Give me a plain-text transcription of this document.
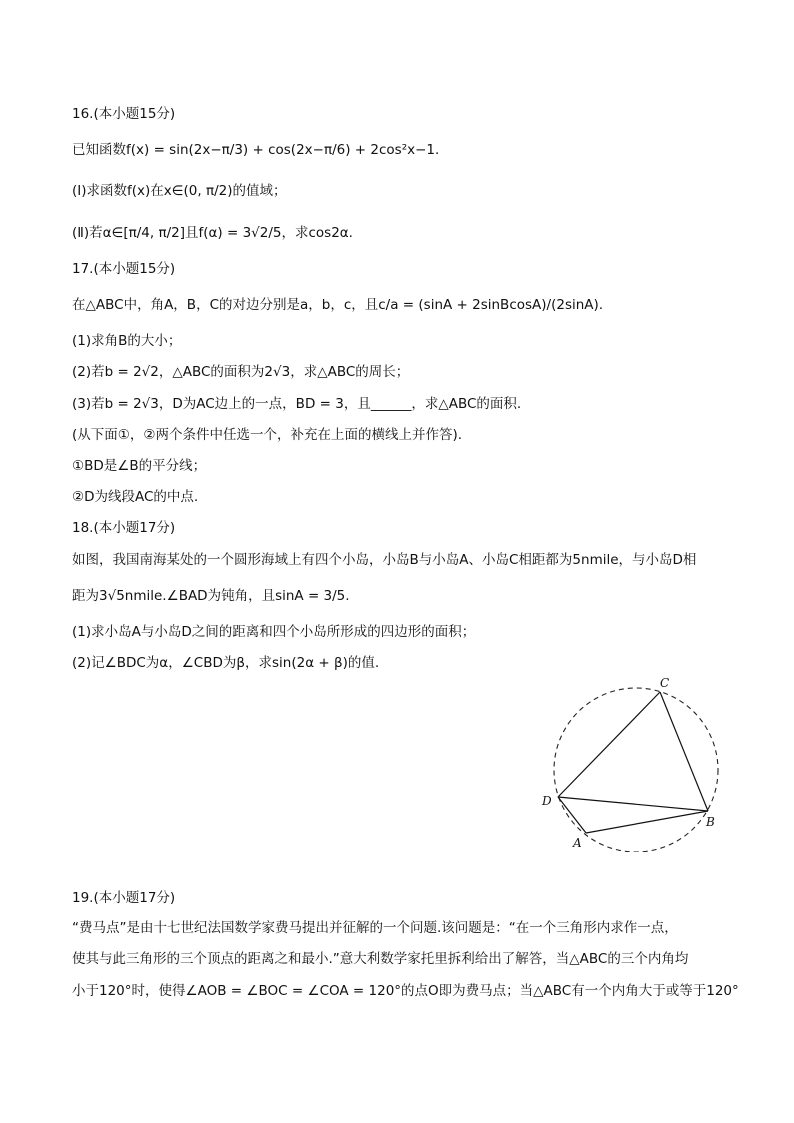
16.(本小题15分)
已知函数f(x) = sin(2x−π/3) + cos(2x−π/6) + 2cos²x−1.
(Ⅰ)求函数f(x)在x∈(0, π/2)的值域；
(Ⅱ)若α∈[π/4, π/2]且f(α) = 3√2/5，求cos2α.
17.(本小题15分)
在△ABC中，角A，B，C的对边分别是a，b，c，且c/a = (sinA + 2sinBcosA)/(2sinA).
(1)求角B的大小；
(2)若b = 2√2，△ABC的面积为2√3，求△ABC的周长；
(3)若b = 2√3，D为AC边上的一点，BD = 3，且______，求△ABC的面积.
(从下面①，②两个条件中任选一个，补充在上面的横线上并作答).
①BD是∠B的平分线；
②D为线段AC的中点.
18.(本小题17分)
如图，我国南海某处的一个圆形海域上有四个小岛，小岛B与小岛A、小岛C相距都为5nmile，与小岛D相
距为3√5nmile.∠BAD为钝角，且sinA = 3/5.
(1)求小岛A与小岛D之间的距离和四个小岛所形成的四边形的面积；
(2)记∠BDC为α，∠CBD为β，求sin(2α + β)的值.
C
D
A
B
19.(本小题17分)
“费马点”是由十七世纪法国数学家费马提出并征解的一个问题.该问题是：“在一个三角形内求作一点，
使其与此三角形的三个顶点的距离之和最小.”意大利数学家托里拆利给出了解答，当△ABC的三个内角均
小于120°时，使得∠AOB = ∠BOC = ∠COA = 120°的点O即为费马点；当△ABC有一个内角大于或等于120°
